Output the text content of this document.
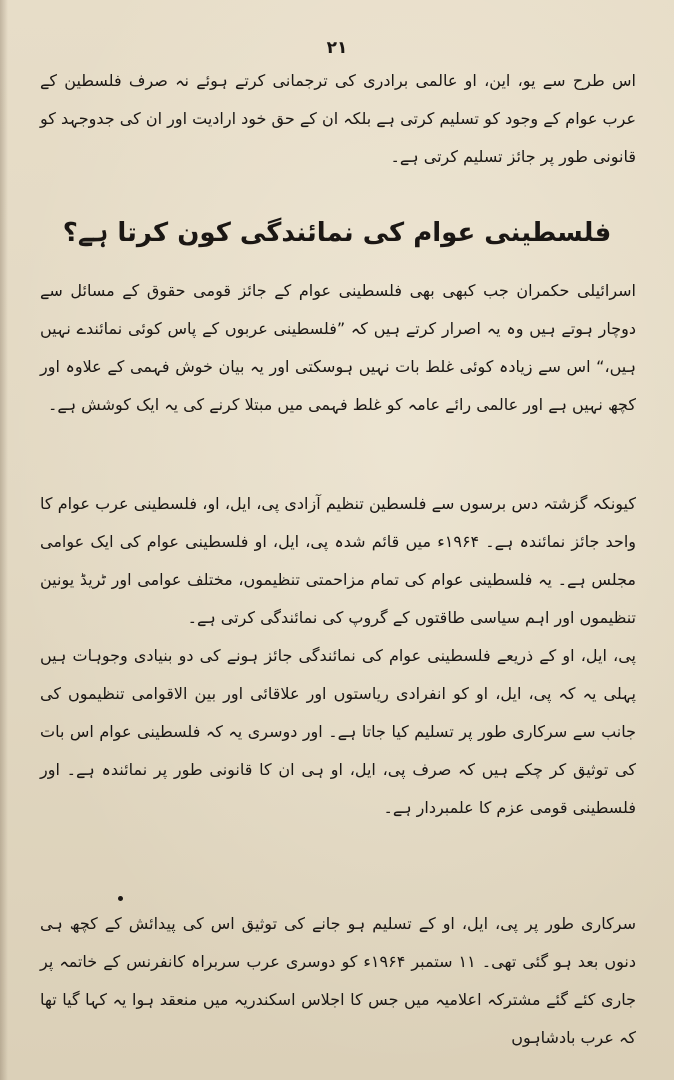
۲۱

اس طرح سے یو، این، او عالمی برادری کی ترجمانی کرتے ہوئے نہ صرف فلسطین کے عرب عوام کے وجود کو تسلیم کرتی ہے بلکہ ان کے حق خود ارادیت اور ان کی جدوجہد کو قانونی طور پر جائز تسلیم کرتی ہے۔

فلسطینی عوام کی نمائندگی کون کرتا ہے؟

اسرائیلی حکمران جب کبھی بھی فلسطینی عوام کے جائز قومی حقوق کے مسائل سے دوچار ہوتے ہیں وہ یہ اصرار کرتے ہیں کہ ”فلسطینی عربوں کے پاس کوئی نمائندے نہیں ہیں،“ اس سے زیادہ کوئی غلط بات نہیں ہوسکتی اور یہ بیان خوش فہمی کے علاوہ اور کچھ نہیں ہے اور عالمی رائے عامہ کو غلط فہمی میں مبتلا کرنے کی یہ ایک کوشش ہے۔

کیونکہ گزشتہ دس برسوں سے فلسطین تنظیم آزادی پی، ایل، او، فلسطینی عرب عوام کا واحد جائز نمائندہ ہے۔ ۱۹۶۴ء میں قائم شدہ پی، ایل، او فلسطینی عوام کی ایک عوامی مجلس ہے۔ یہ فلسطینی عوام کی تمام مزاحمتی تنظیموں، مختلف عوامی اور ٹریڈ یونین تنظیموں اور اہم سیاسی طاقتوں کے گروپ کی نمائندگی کرتی ہے۔

پی، ایل، او کے ذریعے فلسطینی عوام کی نمائندگی جائز ہونے کی دو بنیادی وجوہات ہیں پہلی یہ کہ پی، ایل، او کو انفرادی ریاستوں اور علاقائی اور بین الاقوامی تنظیموں کی جانب سے سرکاری طور پر تسلیم کیا جاتا ہے۔ اور دوسری یہ کہ فلسطینی عوام اس بات کی توثیق کر چکے ہیں کہ صرف پی، ایل، او ہی ان کا قانونی طور پر نمائندہ ہے۔ اور فلسطینی قومی عزم کا علمبردار ہے۔

سرکاری طور پر پی، ایل، او کے تسلیم ہو جانے کی توثیق اس کی پیدائش کے کچھ ہی دنوں بعد ہو گئی تھی۔ ۱۱ ستمبر ۱۹۶۴ء کو دوسری عرب سربراہ کانفرنس کے خاتمہ پر جاری کئے گئے مشترکہ اعلامیہ میں جس کا اجلاس اسکندریہ میں منعقد ہوا یہ کہا گیا تھا کہ عرب بادشاہوں
